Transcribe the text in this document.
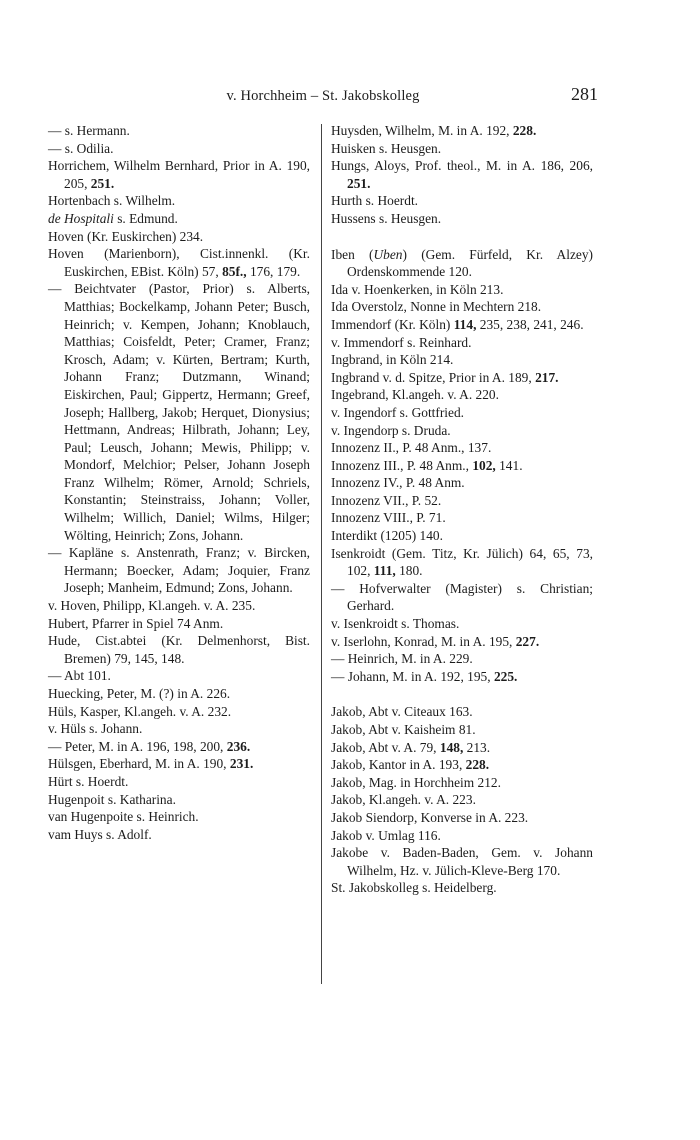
v. Horchheim – St. Jakobskolleg	281
— s. Hermann.
— s. Odilia.
Horrichem, Wilhelm Bernhard, Prior in A. 190, 205, 251.
Hortenbach s. Wilhelm.
de Hospitali s. Edmund.
Hoven (Kr. Euskirchen) 234.
Hoven (Marienborn), Cist.innenkl. (Kr. Euskirchen, EBist. Köln) 57, 85f., 176, 179.
— Beichtvater (Pastor, Prior) s. Alberts, Matthias; Bockelkamp, Johann Peter; Busch, Heinrich; v. Kempen, Johann; Knoblauch, Matthias; Coisfeldt, Peter; Cramer, Franz; Krosch, Adam; v. Kürten, Bertram; Kurth, Johann Franz; Dutzmann, Winand; Eiskirchen, Paul; Gippertz, Hermann; Greef, Joseph; Hallberg, Jakob; Herquet, Dionysius; Hettmann, Andreas; Hilbrath, Johann; Ley, Paul; Leusch, Johann; Mewis, Philipp; v. Mondorf, Melchior; Pelser, Johann Joseph Franz Wilhelm; Römer, Arnold; Schriels, Konstantin; Steinstraiss, Johann; Voller, Wilhelm; Willich, Daniel; Wilms, Hilger; Wölting, Heinrich; Zons, Johann.
— Kapläne s. Anstenrath, Franz; v. Bircken, Hermann; Boecker, Adam; Joquier, Franz Joseph; Manheim, Edmund; Zons, Johann.
v. Hoven, Philipp, Kl.angeh. v. A. 235.
Hubert, Pfarrer in Spiel 74 Anm.
Hude, Cist.abtei (Kr. Delmenhorst, Bist. Bremen) 79, 145, 148.
— Abt 101.
Huecking, Peter, M. (?) in A. 226.
Hüls, Kasper, Kl.angeh. v. A. 232.
v. Hüls s. Johann.
— Peter, M. in A. 196, 198, 200, 236.
Hülsgen, Eberhard, M. in A. 190, 231.
Hürt s. Hoerdt.
Hugenpoit s. Katharina.
van Hugenpoite s. Heinrich.
vam Huys s. Adolf.
Huysden, Wilhelm, M. in A. 192, 228.
Huisken s. Heusgen.
Hungs, Aloys, Prof. theol., M. in A. 186, 206, 251.
Hurth s. Hoerdt.
Hussens s. Heusgen.
Iben (Uben) (Gem. Fürfeld, Kr. Alzey) Ordenskommende 120.
Ida v. Hoenkerken, in Köln 213.
Ida Overstolz, Nonne in Mechtern 218.
Immendorf (Kr. Köln) 114, 235, 238, 241, 246.
v. Immendorf s. Reinhard.
Ingbrand, in Köln 214.
Ingbrand v. d. Spitze, Prior in A. 189, 217.
Ingebrand, Kl.angeh. v. A. 220.
v. Ingendorf s. Gottfried.
v. Ingendorp s. Druda.
Innozenz II., P. 48 Anm., 137.
Innozenz III., P. 48 Anm., 102, 141.
Innozenz IV., P. 48 Anm.
Innozenz VII., P. 52.
Innozenz VIII., P. 71.
Interdikt (1205) 140.
Isenkroidt (Gem. Titz, Kr. Jülich) 64, 65, 73, 102, 111, 180.
— Hofverwalter (Magister) s. Christian; Gerhard.
v. Isenkroidt s. Thomas.
v. Iserlohn, Konrad, M. in A. 195, 227.
— Heinrich, M. in A. 229.
— Johann, M. in A. 192, 195, 225.
Jakob, Abt v. Citeaux 163.
Jakob, Abt v. Kaisheim 81.
Jakob, Abt v. A. 79, 148, 213.
Jakob, Kantor in A. 193, 228.
Jakob, Mag. in Horchheim 212.
Jakob, Kl.angeh. v. A. 223.
Jakob Siendorp, Konverse in A. 223.
Jakob v. Umlag 116.
Jakobe v. Baden-Baden, Gem. v. Johann Wilhelm, Hz. v. Jülich-Kleve-Berg 170.
St. Jakobskolleg s. Heidelberg.
